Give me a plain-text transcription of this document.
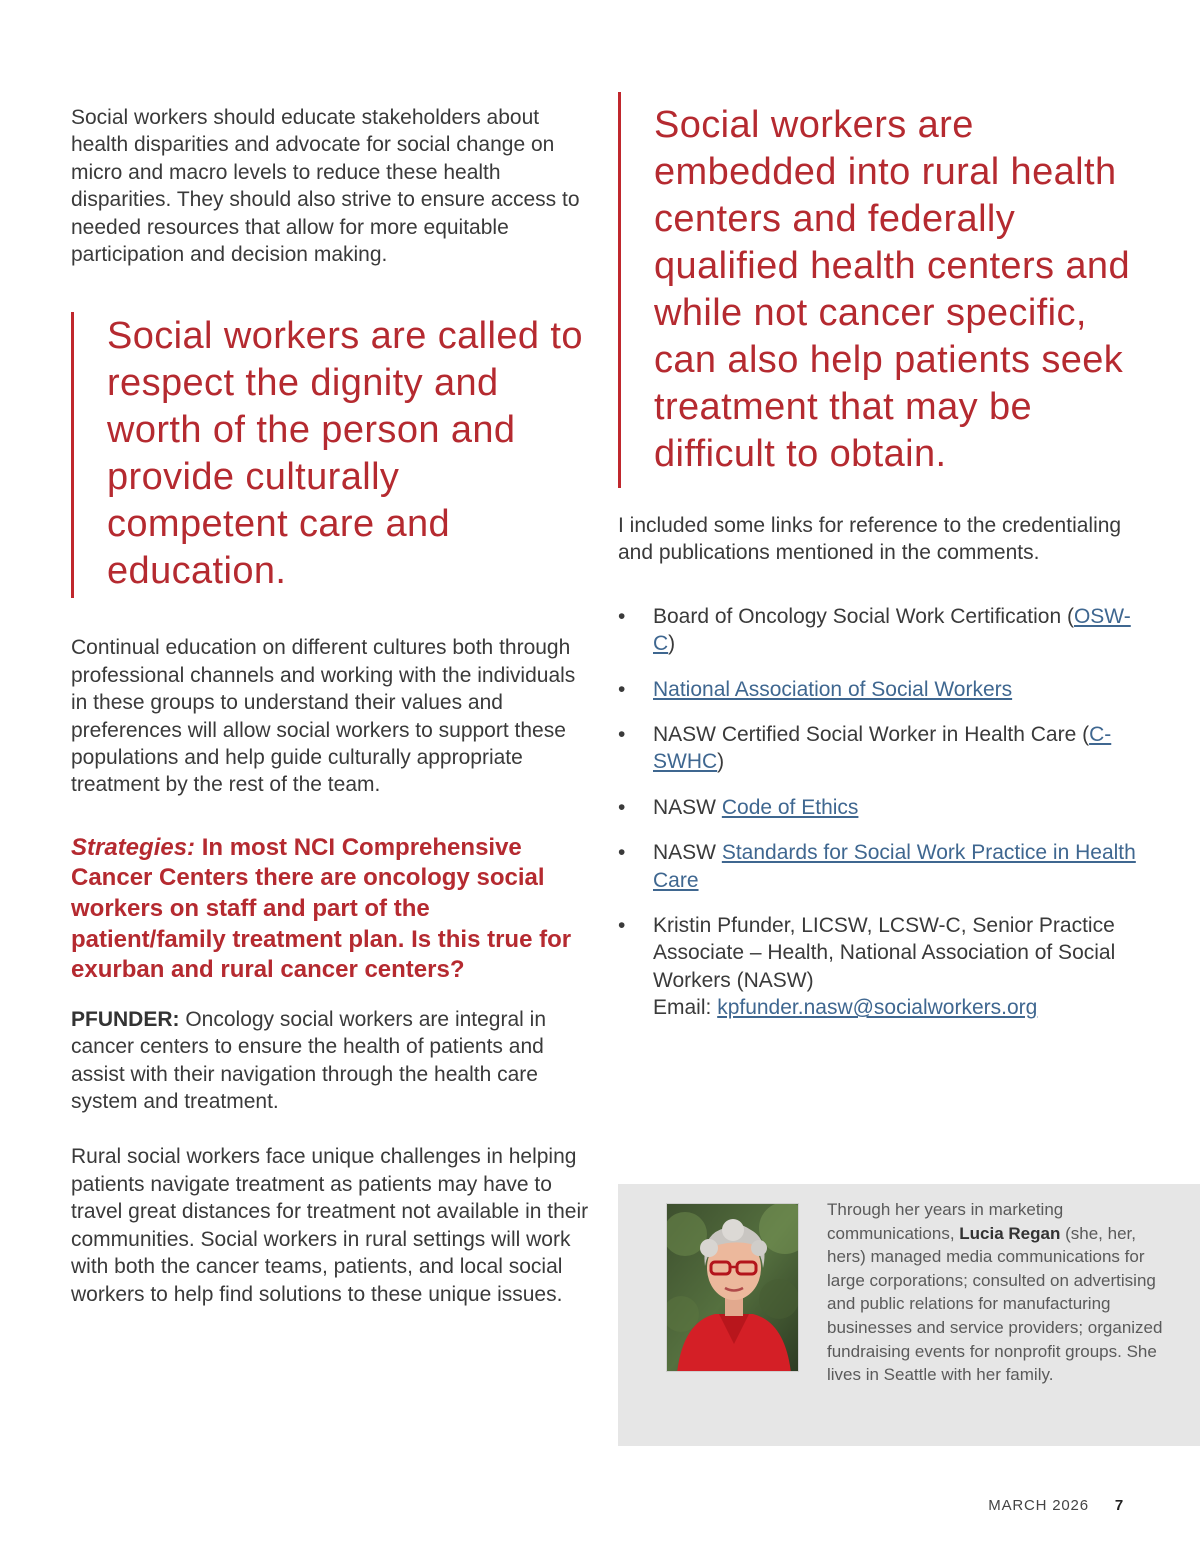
Social workers should educate stakeholders about health disparities and advocate for social change on micro and macro levels to reduce these health disparities. They should also strive to ensure access to needed resources that allow for more equitable participation and decision making.

Social workers are called to respect the dignity and worth of the person and provide culturally competent care and education.

Continual education on different cultures both through professional channels and working with the individuals in these groups to understand their values and preferences will allow social workers to support these populations and help guide culturally appropriate treatment by the rest of the team.

Strategies: In most NCI Comprehensive Cancer Centers there are oncology social workers on staff and part of the patient/family treatment plan. Is this true for exurban and rural cancer centers?

PFUNDER: Oncology social workers are integral in cancer centers to ensure the health of patients and assist with their navigation through the health care system and treatment.

Rural social workers face unique challenges in helping patients navigate treatment as patients may have to travel great distances for treatment not available in their communities. Social workers in rural settings will work with both the cancer teams, patients, and local social workers to help find solutions to these unique issues.

Social workers are embedded into rural health centers and federally qualified health centers and while not cancer specific, can also help patients seek treatment that may be difficult to obtain.

I included some links for reference to the credentialing and publications mentioned in the comments.

• Board of Oncology Social Work Certification (OSW-C)
• National Association of Social Workers
• NASW Certified Social Worker in Health Care (C-SWHC)
• NASW Code of Ethics
• NASW Standards for Social Work Practice in Health Care
• Kristin Pfunder, LICSW, LCSW-C, Senior Practice Associate – Health, National Association of Social Workers (NASW)
Email: kpfunder.nasw@socialworkers.org

Through her years in marketing communications, Lucia Regan (she, her, hers) managed media communications for large corporations; consulted on advertising and public relations for manufacturing businesses and service providers; organized fundraising events for nonprofit groups. She lives in Seattle with her family.

MARCH 2026 7
